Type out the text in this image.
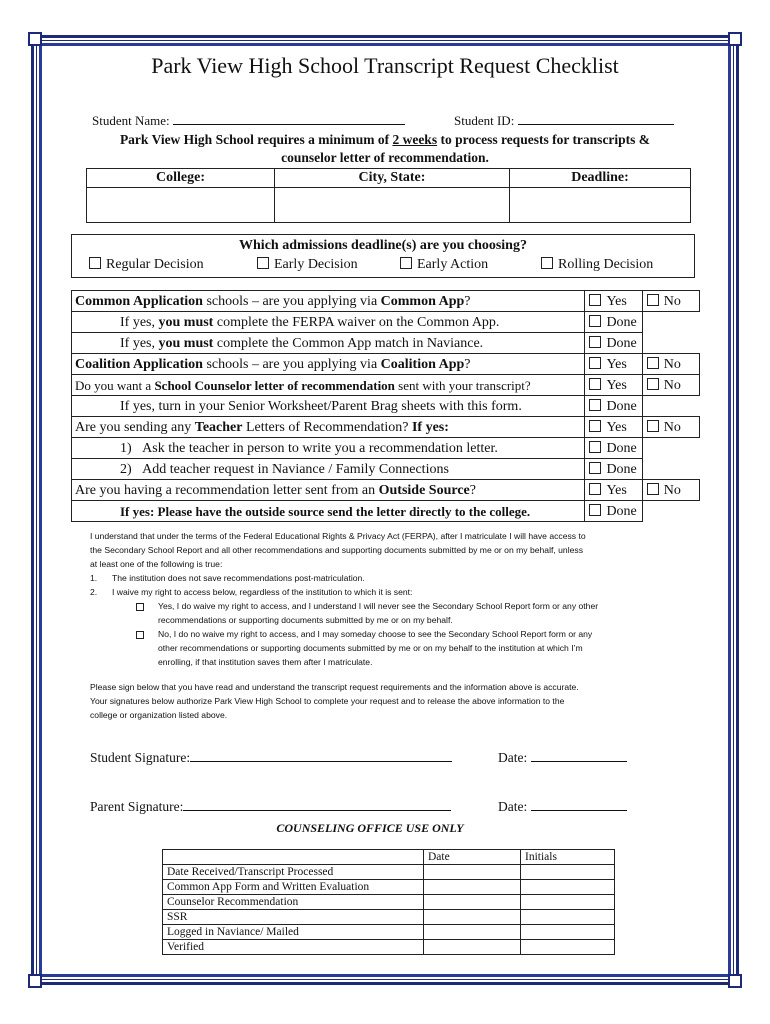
Park View High School Transcript Request Checklist
Student Name:	Student ID:
Park View High School requires a minimum of 2 weeks to process requests for transcripts &
counselor letter of recommendation.
College:	City, State:	Deadline:

Which admissions deadline(s) are you choosing?
Regular Decision	Early Decision	Early Action	Rolling Decision
Common Application schools – are you applying via Common App?	Yes	No
If yes, you must complete the FERPA waiver on the Common App.	Done	
If yes, you must complete the Common App match in Naviance.	Done	
Coalition Application schools – are you applying via Coalition App?	Yes	No
Do you want a School Counselor letter of recommendation sent with your transcript?	Yes	No
If yes, turn in your Senior Worksheet/Parent Brag sheets with this form.	Done	
Are you sending any Teacher Letters of Recommendation? If yes:	Yes	No
1) Ask the teacher in person to write you a recommendation letter.	Done	
2) Add teacher request in Naviance / Family Connections	Done	
Are you having a recommendation letter sent from an Outside Source?	Yes	No
If yes: Please have the outside source send the letter directly to the college.	Done	
I understand that under the terms of the Federal Educational Rights & Privacy Act (FERPA), after I matriculate I will have access to
the Secondary School Report and all other recommendations and supporting documents submitted by me or on my behalf, unless
at least one of the following is true:
1. The institution does not save recommendations post-matriculation.
2. I waive my right to access below, regardless of the institution to which it is sent:
Yes, I do waive my right to access, and I understand I will never see the Secondary School Report form or any other
recommendations or supporting documents submitted by me or on my behalf.
No, I do no waive my right to access, and I may someday choose to see the Secondary School Report form or any
other recommendations or supporting documents submitted by me or on my behalf to the institution at which I’m
enrolling, if that institution saves them after I matriculate.
Please sign below that you have read and understand the transcript request requirements and the information above is accurate.
Your signatures below authorize Park View High School to complete your request and to release the above information to the
college or organization listed above.
Student Signature:	Date:
Parent Signature:	Date:
COUNSELING OFFICE USE ONLY
	Date	Initials
Date Received/Transcript Processed		
Common App Form and Written Evaluation		
Counselor Recommendation		
SSR		
Logged in Naviance/ Mailed		
Verified		
